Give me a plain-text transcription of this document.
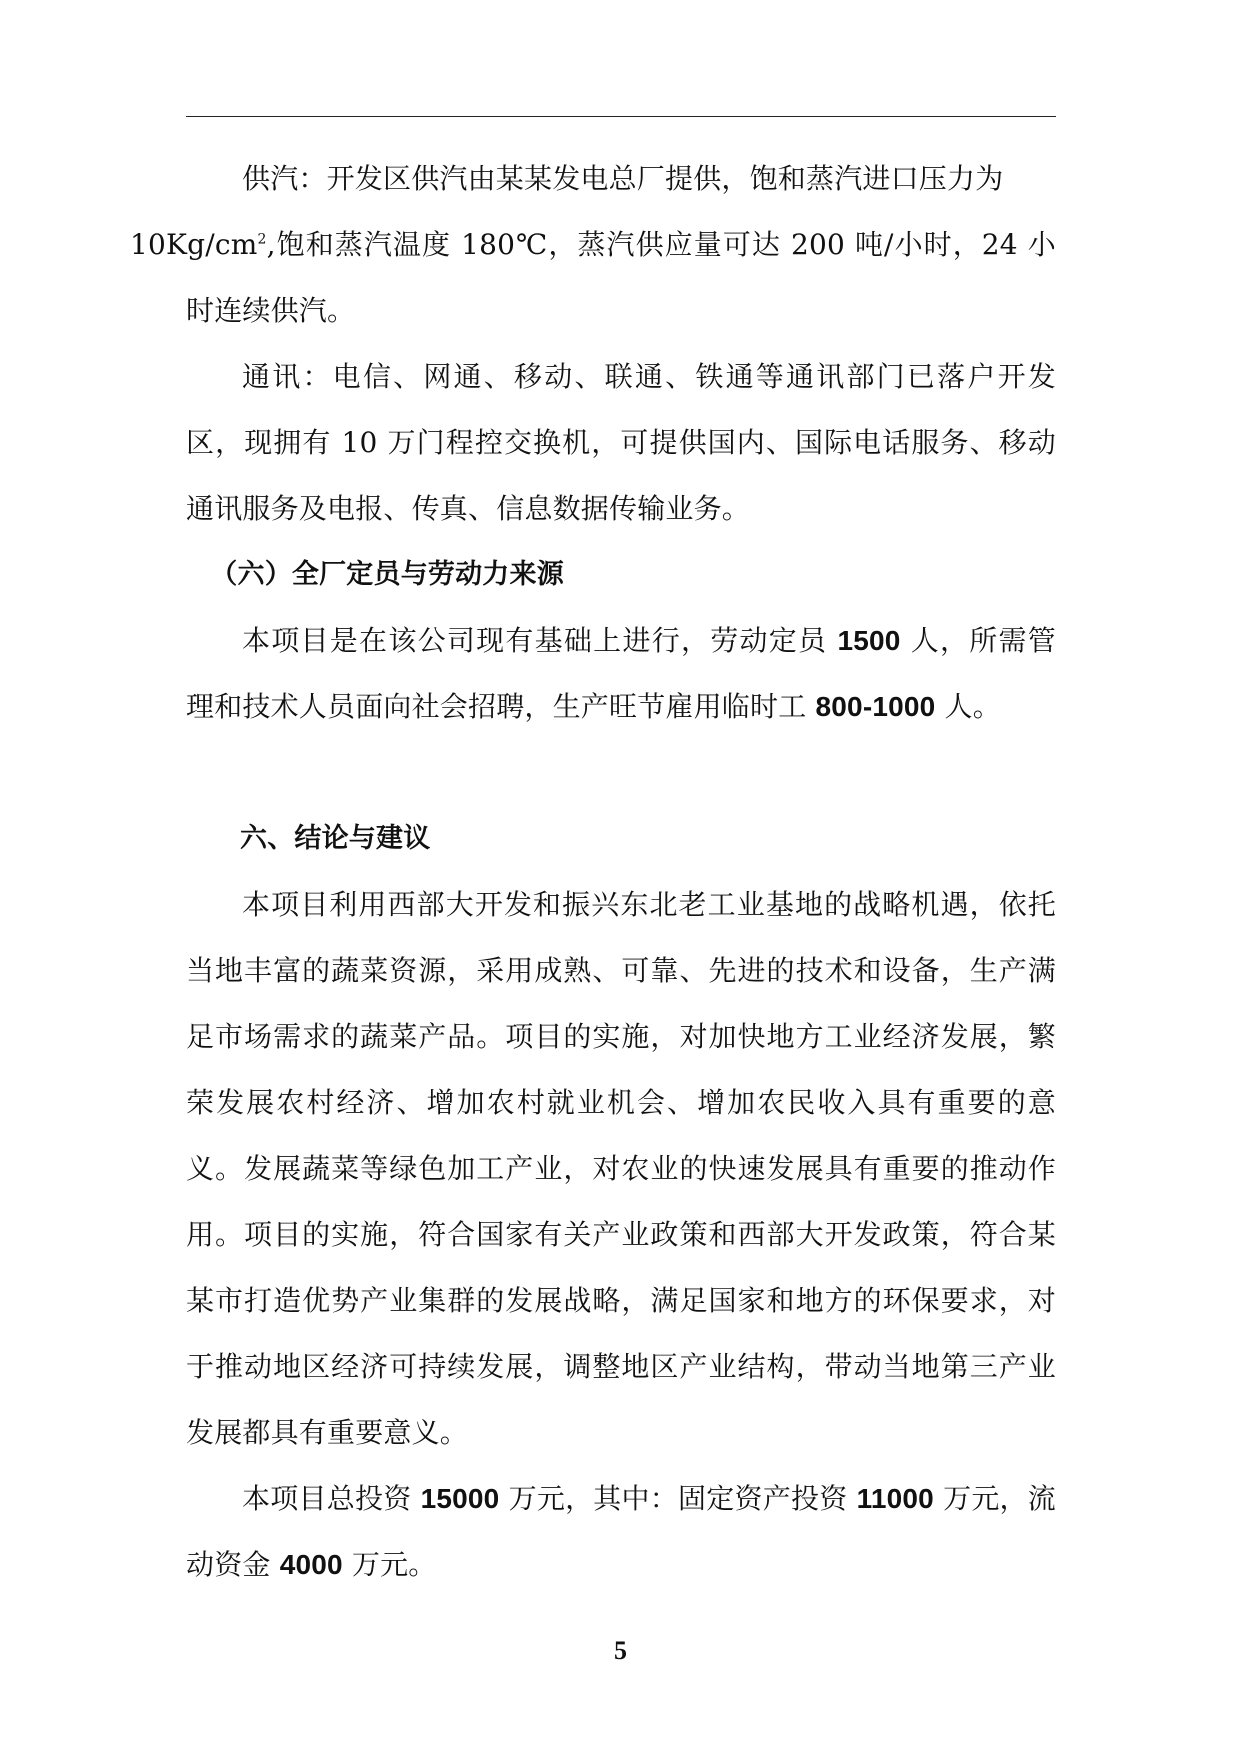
供汽：开发区供汽由某某发电总厂提供，饱和蒸汽进口压力为
$10Kg/cm^2$,饱和蒸汽温度 180℃，蒸汽供应量可达 200 吨/小时，24 小时连续供汽。

通讯：电信、网通、移动、联通、铁通等通讯部门已落户开发区，现拥有 10 万门程控交换机，可提供国内、国际电话服务、移动通讯服务及电报、传真、信息数据传输业务。

（六）全厂定员与劳动力来源

本项目是在该公司现有基础上进行，劳动定员 1500 人，所需管理和技术人员面向社会招聘，生产旺节雇用临时工 800-1000 人。

六、结论与建议

本项目利用西部大开发和振兴东北老工业基地的战略机遇，依托当地丰富的蔬菜资源，采用成熟、可靠、先进的技术和设备，生产满足市场需求的蔬菜产品。项目的实施，对加快地方工业经济发展，繁荣发展农村经济、增加农村就业机会、增加农民收入具有重要的意义。发展蔬菜等绿色加工产业，对农业的快速发展具有重要的推动作用。项目的实施，符合国家有关产业政策和西部大开发政策，符合某某市打造优势产业集群的发展战略，满足国家和地方的环保要求，对于推动地区经济可持续发展，调整地区产业结构，带动当地第三产业发展都具有重要意义。

本项目总投资 15000 万元，其中：固定资产投资 11000 万元，流动资金 4000 万元。

5
